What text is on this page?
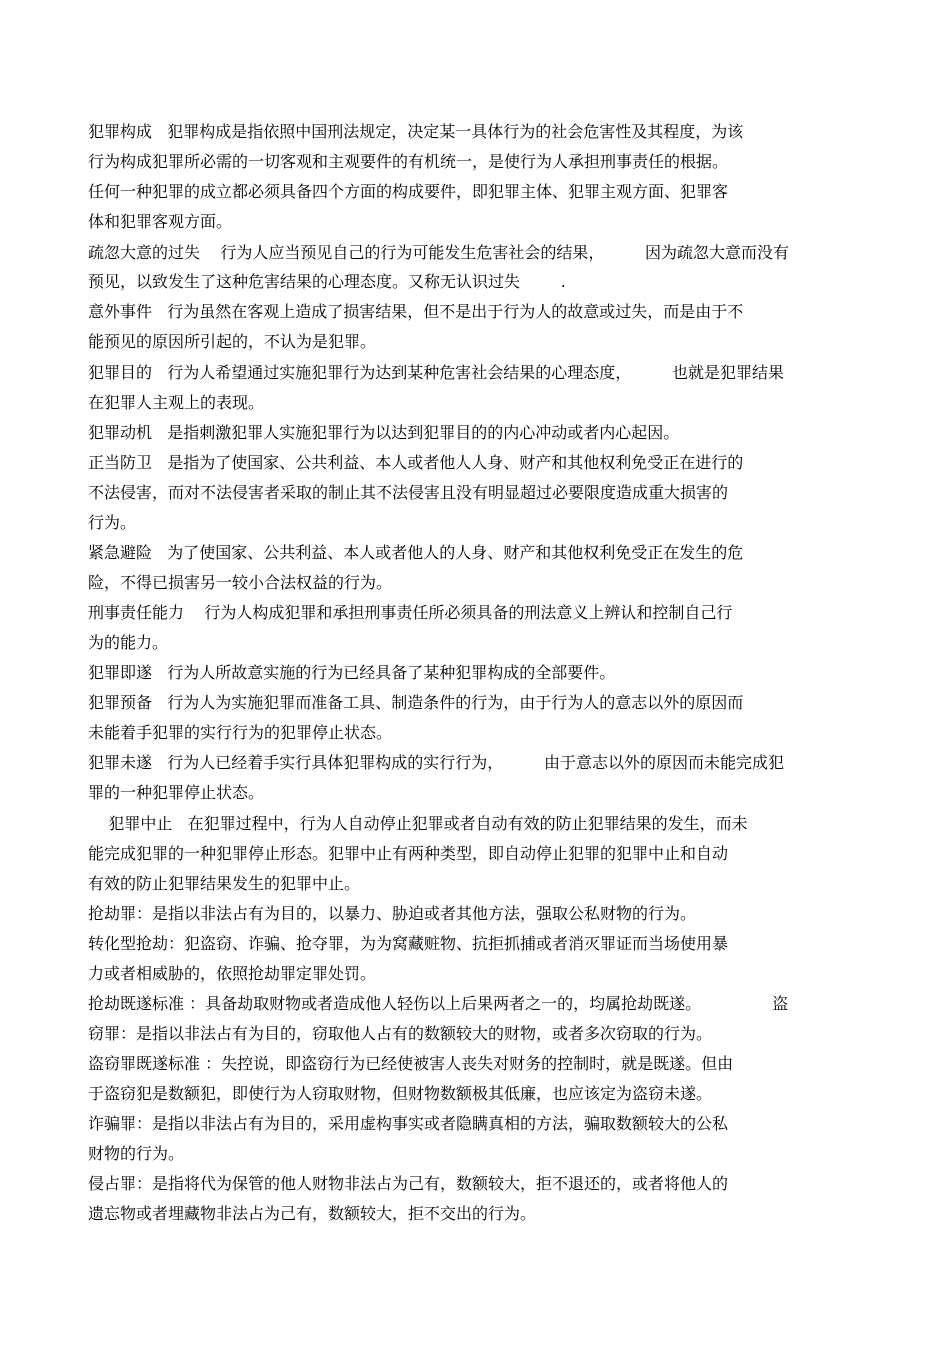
犯罪构成   犯罪构成是指依照中国刑法规定，决定某一具体行为的社会危害性及其程度，为该
行为构成犯罪所必需的一切客观和主观要件的有机统一，是使行为人承担刑事责任的根据。
任何一种犯罪的成立都必须具备四个方面的构成要件，即犯罪主体、犯罪主观方面、犯罪客
体和犯罪客观方面。
疏忽大意的过失    行为人应当预见自己的行为可能发生危害社会的结果，        因为疏忽大意而没有
预见，以致发生了这种危害结果的心理态度。又称无认识过失        .
意外事件   行为虽然在客观上造成了损害结果，但不是出于行为人的故意或过失，而是由于不
能预见的原因所引起的，不认为是犯罪。
犯罪目的   行为人希望通过实施犯罪行为达到某种危害社会结果的心理态度，        也就是犯罪结果
在犯罪人主观上的表现。
犯罪动机   是指刺激犯罪人实施犯罪行为以达到犯罪目的的内心冲动或者内心起因。
正当防卫   是指为了使国家、公共利益、本人或者他人人身、财产和其他权利免受正在进行的
不法侵害，而对不法侵害者采取的制止其不法侵害且没有明显超过必要限度造成重大损害的
行为。
紧急避险   为了使国家、公共利益、本人或者他人的人身、财产和其他权利免受正在发生的危
险，不得已损害另一较小合法权益的行为。
刑事责任能力    行为人构成犯罪和承担刑事责任所必须具备的刑法意义上辨认和控制自己行
为的能力。
犯罪即遂   行为人所故意实施的行为已经具备了某种犯罪构成的全部要件。
犯罪预备   行为人为实施犯罪而准备工具、制造条件的行为，由于行为人的意志以外的原因而
未能着手犯罪的实行行为的犯罪停止状态。
犯罪未遂   行为人已经着手实行具体犯罪构成的实行行为，        由于意志以外的原因而未能完成犯
罪的一种犯罪停止状态。
犯罪中止   在犯罪过程中，行为人自动停止犯罪或者自动有效的防止犯罪结果的发生，而未
能完成犯罪的一种犯罪停止形态。犯罪中止有两种类型，即自动停止犯罪的犯罪中止和自动
有效的防止犯罪结果发生的犯罪中止。
抢劫罪：是指以非法占有为目的，以暴力、胁迫或者其他方法，强取公私财物的行为。
转化型抢劫：犯盗窃、诈骗、抢夺罪，为为窝藏赃物、抗拒抓捕或者消灭罪证而当场使用暴
力或者相威胁的，依照抢劫罪定罪处罚。
抢劫既遂标准 ：具备劫取财物或者造成他人轻伤以上后果两者之一的，均属抢劫既遂。              盗
窃罪：是指以非法占有为目的，窃取他人占有的数额较大的财物，或者多次窃取的行为。
盗窃罪既遂标准 ：失控说，即盗窃行为已经使被害人丧失对财务的控制时，就是既遂。但由
于盗窃犯是数额犯，即使行为人窃取财物，但财物数额极其低廉，也应该定为盗窃未遂。
诈骗罪：是指以非法占有为目的，采用虚构事实或者隐瞒真相的方法，骗取数额较大的公私
财物的行为。
侵占罪：是指将代为保管的他人财物非法占为己有，数额较大，拒不退还的，或者将他人的
遗忘物或者埋藏物非法占为己有，数额较大，拒不交出的行为。
